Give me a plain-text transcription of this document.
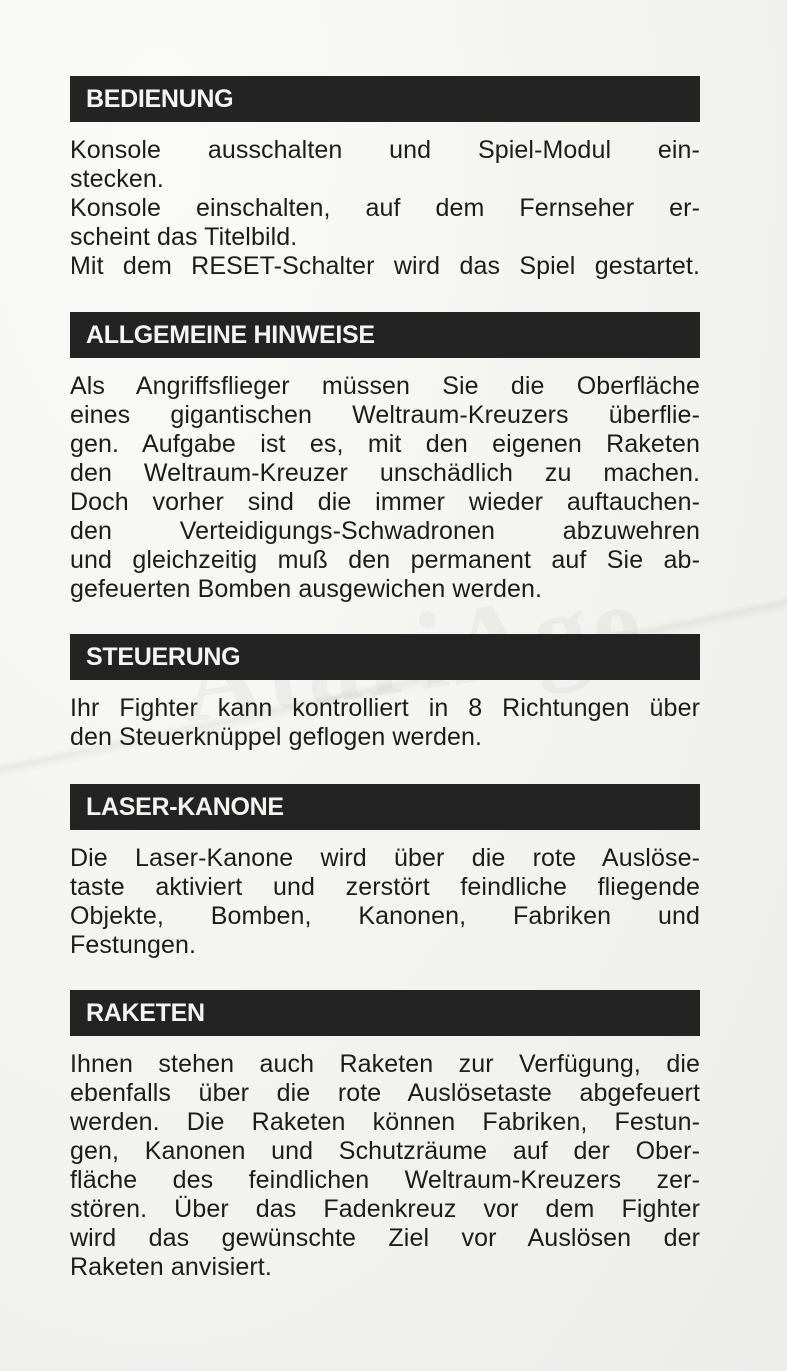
BEDIENUNG
Konsole ausschalten und Spiel-Modul ein-
stecken.
Konsole einschalten, auf dem Fernseher er-
scheint das Titelbild.
Mit dem RESET-Schalter wird das Spiel gestartet.
ALLGEMEINE HINWEISE
Als Angriffsflieger müssen Sie die Oberfläche
eines gigantischen Weltraum-Kreuzers überflie-
gen. Aufgabe ist es, mit den eigenen Raketen
den Weltraum-Kreuzer unschädlich zu machen.
Doch vorher sind die immer wieder auftauchen-
den Verteidigungs-Schwadronen abzuwehren
und gleichzeitig muß den permanent auf Sie ab-
gefeuerten Bomben ausgewichen werden.
STEUERUNG
Ihr Fighter kann kontrolliert in 8 Richtungen über
den Steuerknüppel geflogen werden.
LASER-KANONE
Die Laser-Kanone wird über die rote Auslöse-
taste aktiviert und zerstört feindliche fliegende
Objekte, Bomben, Kanonen, Fabriken und
Festungen.
RAKETEN
Ihnen stehen auch Raketen zur Verfügung, die
ebenfalls über die rote Auslösetaste abgefeuert
werden. Die Raketen können Fabriken, Festun-
gen, Kanonen und Schutzräume auf der Ober-
fläche des feindlichen Weltraum-Kreuzers zer-
stören. Über das Fadenkreuz vor dem Fighter
wird das gewünschte Ziel vor Auslösen der
Raketen anvisiert.
